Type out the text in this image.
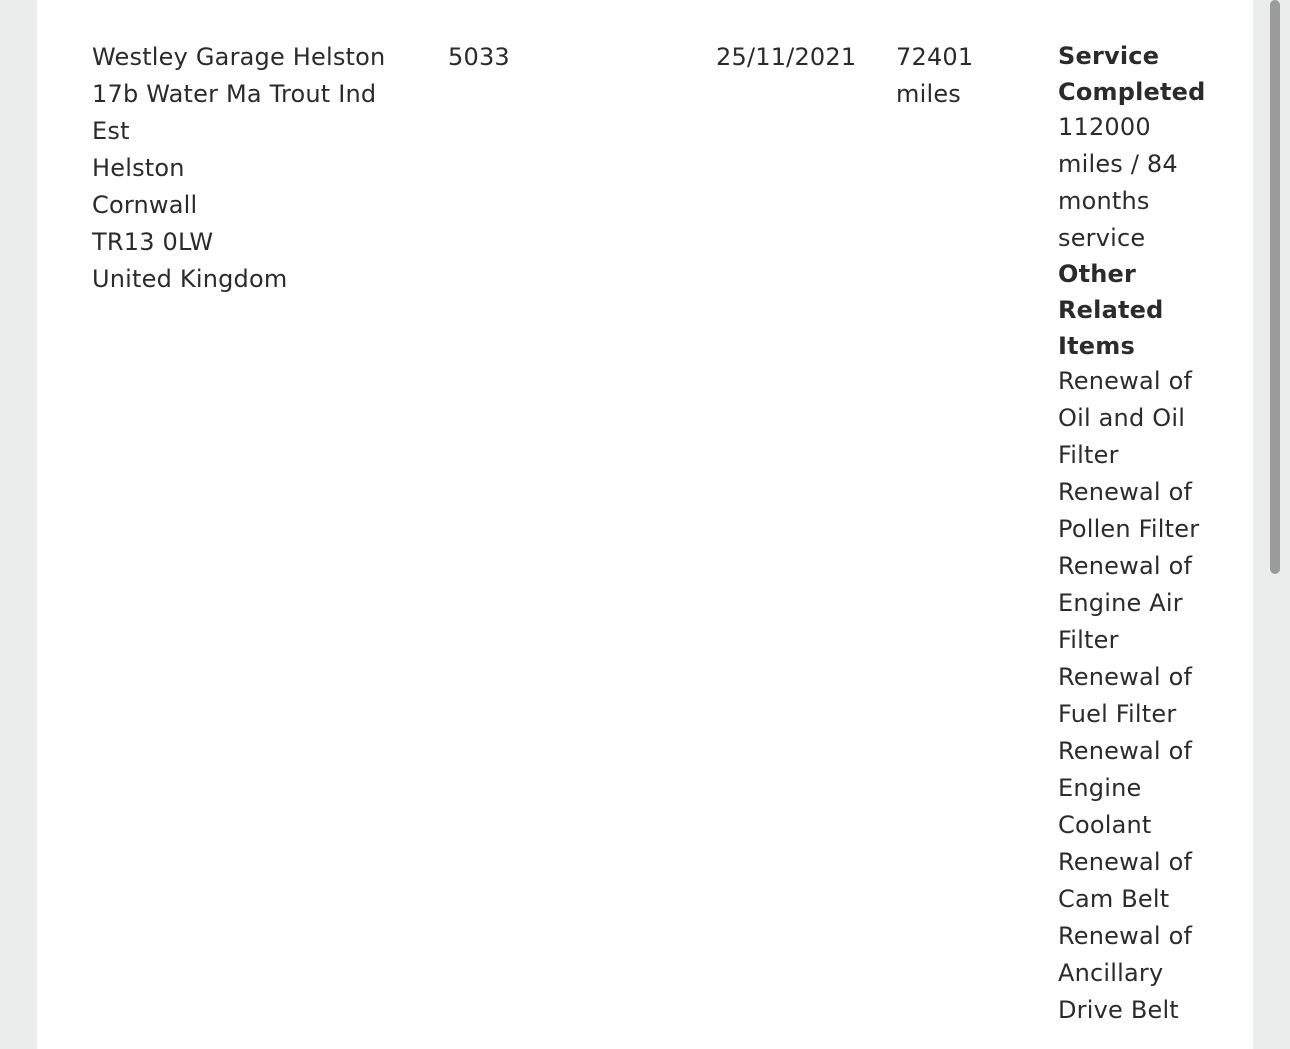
Westley Garage Helston
17b Water Ma Trout Ind
Est
Helston
Cornwall
TR13 0LW
United Kingdom
5033	25/11/2021 72401
miles
Service
Completed
112000
miles / 84
months
service
Other
Related
Items
Renewal of
Oil and Oil
Filter
Renewal of
Pollen Filter
Renewal of
Engine Air
Filter
Renewal of
Fuel Filter
Renewal of
Engine
Coolant
Renewal of
Cam Belt
Renewal of
Ancillary
Drive Belt
